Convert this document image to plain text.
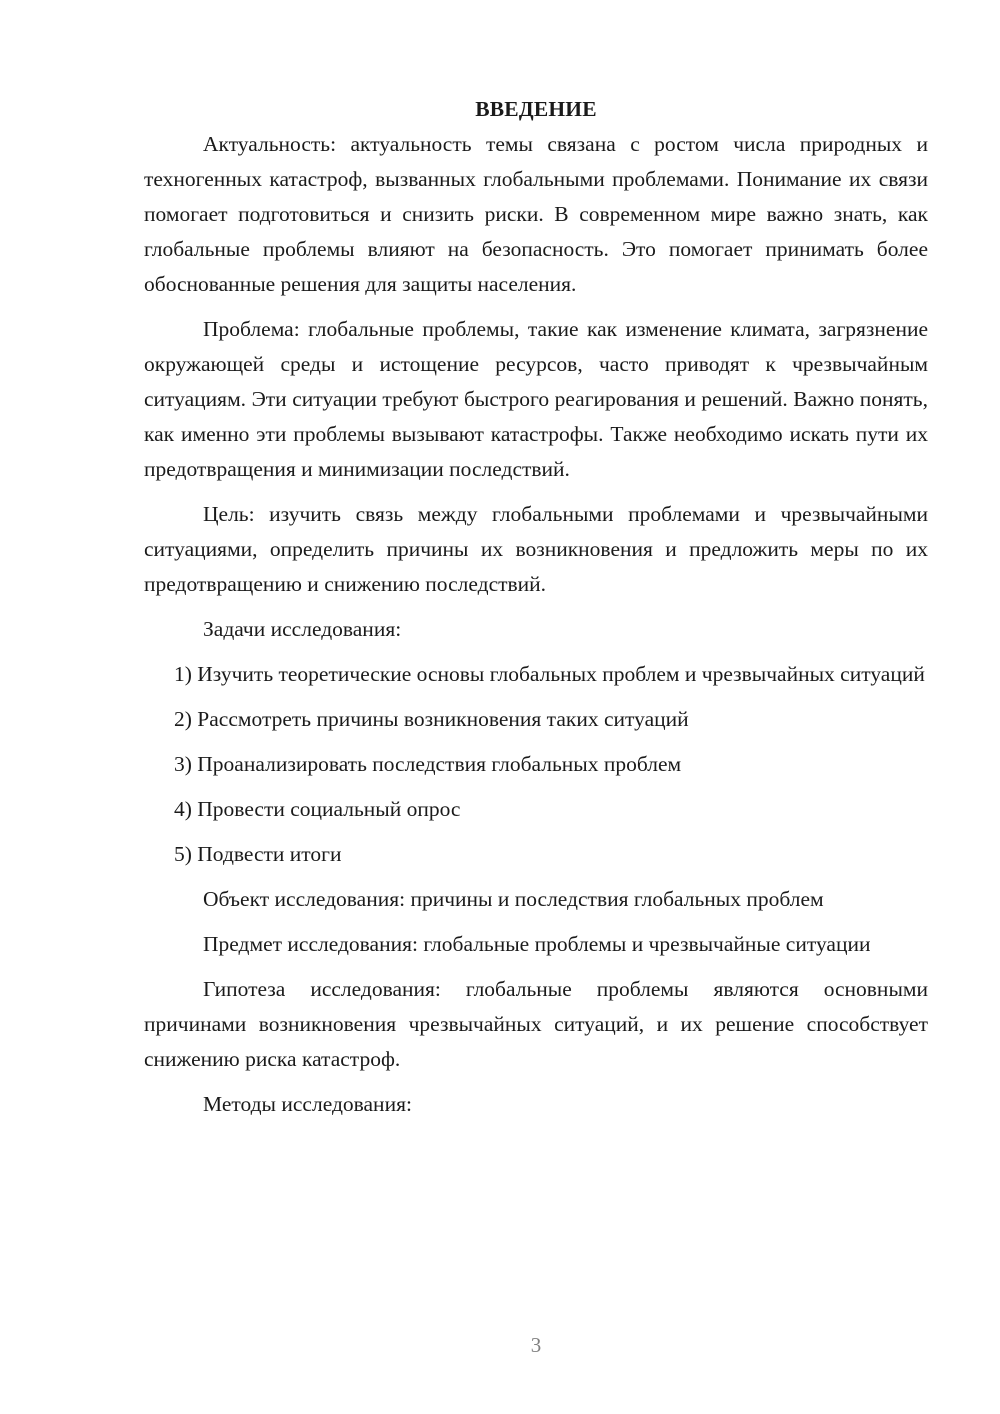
ВВЕДЕНИЕ

Актуальность: актуальность темы связана с ростом числа природных и техногенных катастроф, вызванных глобальными проблемами. Понимание их связи помогает подготовиться и снизить риски. В современном мире важно знать, как глобальные проблемы влияют на безопасность. Это помогает принимать более обоснованные решения для защиты населения.

Проблема: глобальные проблемы, такие как изменение климата, загрязнение окружающей среды и истощение ресурсов, часто приводят к чрезвычайным ситуациям. Эти ситуации требуют быстрого реагирования и решений. Важно понять, как именно эти проблемы вызывают катастрофы. Также необходимо искать пути их предотвращения и минимизации последствий.

Цель: изучить связь между глобальными проблемами и чрезвычайными ситуациями, определить причины их возникновения и предложить меры по их предотвращению и снижению последствий.

Задачи исследования:

1) Изучить теоретические основы глобальных проблем и чрезвычайных ситуаций

2) Рассмотреть причины возникновения таких ситуаций

3) Проанализировать последствия глобальных проблем

4) Провести социальный опрос

5) Подвести итоги

Объект исследования: причины и последствия глобальных проблем

Предмет исследования: глобальные проблемы и чрезвычайные ситуации

Гипотеза исследования: глобальные проблемы являются основными причинами возникновения чрезвычайных ситуаций, и их решение способствует снижению риска катастроф.

Методы исследования:

3
